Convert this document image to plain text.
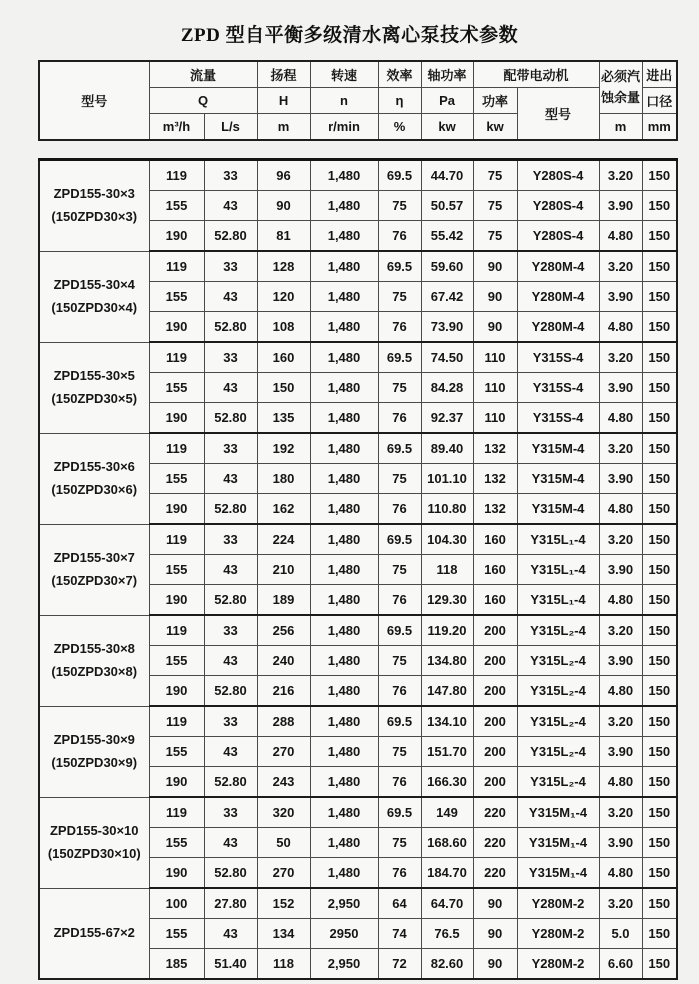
ZPD 型自平衡多级清水离心泵技术参数
型号	流量		扬程	转速	效率	轴功率	配带电动机		必须汽
蚀余量	进出
	Q		H	n	η	Pa	功率	型号		口径
	m³/h	L/s	m	r/min	%	kw	kw		m	mm
ZPD155-30×3
(150ZPD30×3)	119	33	96	1,480	69.5	44.70	75	Y280S-4	3.20	150
	155	43	90	1,480	75	50.57	75	Y280S-4	3.90	150
	190	52.80	81	1,480	76	55.42	75	Y280S-4	4.80	150

ZPD155-30×4
(150ZPD30×4)	119	33	128	1,480	69.5	59.60	90	Y280M-4	3.20	150
	155	43	120	1,480	75	67.42	90	Y280M-4	3.90	150
	190	52.80	108	1,480	76	73.90	90	Y280M-4	4.80	150

ZPD155-30×5
(150ZPD30×5)	119	33	160	1,480	69.5	74.50	110	Y315S-4	3.20	150
	155	43	150	1,480	75	84.28	110	Y315S-4	3.90	150
	190	52.80	135	1,480	76	92.37	110	Y315S-4	4.80	150

ZPD155-30×6
(150ZPD30×6)	119	33	192	1,480	69.5	89.40	132	Y315M-4	3.20	150
	155	43	180	1,480	75	101.10	132	Y315M-4	3.90	150
	190	52.80	162	1,480	76	110.80	132	Y315M-4	4.80	150

ZPD155-30×7
(150ZPD30×7)	119	33	224	1,480	69.5	104.30	160	Y315L₁-4	3.20	150
	155	43	210	1,480	75	118	160	Y315L₁-4	3.90	150
	190	52.80	189	1,480	76	129.30	160	Y315L₁-4	4.80	150

ZPD155-30×8
(150ZPD30×8)	119	33	256	1,480	69.5	119.20	200	Y315L₂-4	3.20	150
	155	43	240	1,480	75	134.80	200	Y315L₂-4	3.90	150
	190	52.80	216	1,480	76	147.80	200	Y315L₂-4	4.80	150

ZPD155-30×9
(150ZPD30×9)	119	33	288	1,480	69.5	134.10	200	Y315L₂-4	3.20	150
	155	43	270	1,480	75	151.70	200	Y315L₂-4	3.90	150
	190	52.80	243	1,480	76	166.30	200	Y315L₂-4	4.80	150

ZPD155-30×10
(150ZPD30×10)	119	33	320	1,480	69.5	149	220	Y315M₁-4	3.20	150
	155	43	50	1,480	75	168.60	220	Y315M₁-4	3.90	150
	190	52.80	270	1,480	76	184.70	220	Y315M₁-4	4.80	150

ZPD155-67×2	100	27.80	152	2,950	64	64.70	90	Y280M-2	3.20	150
	155	43	134	2950	74	76.5	90	Y280M-2	5.0	150
	185	51.40	118	2,950	72	82.60	90	Y280M-2	6.60	150
